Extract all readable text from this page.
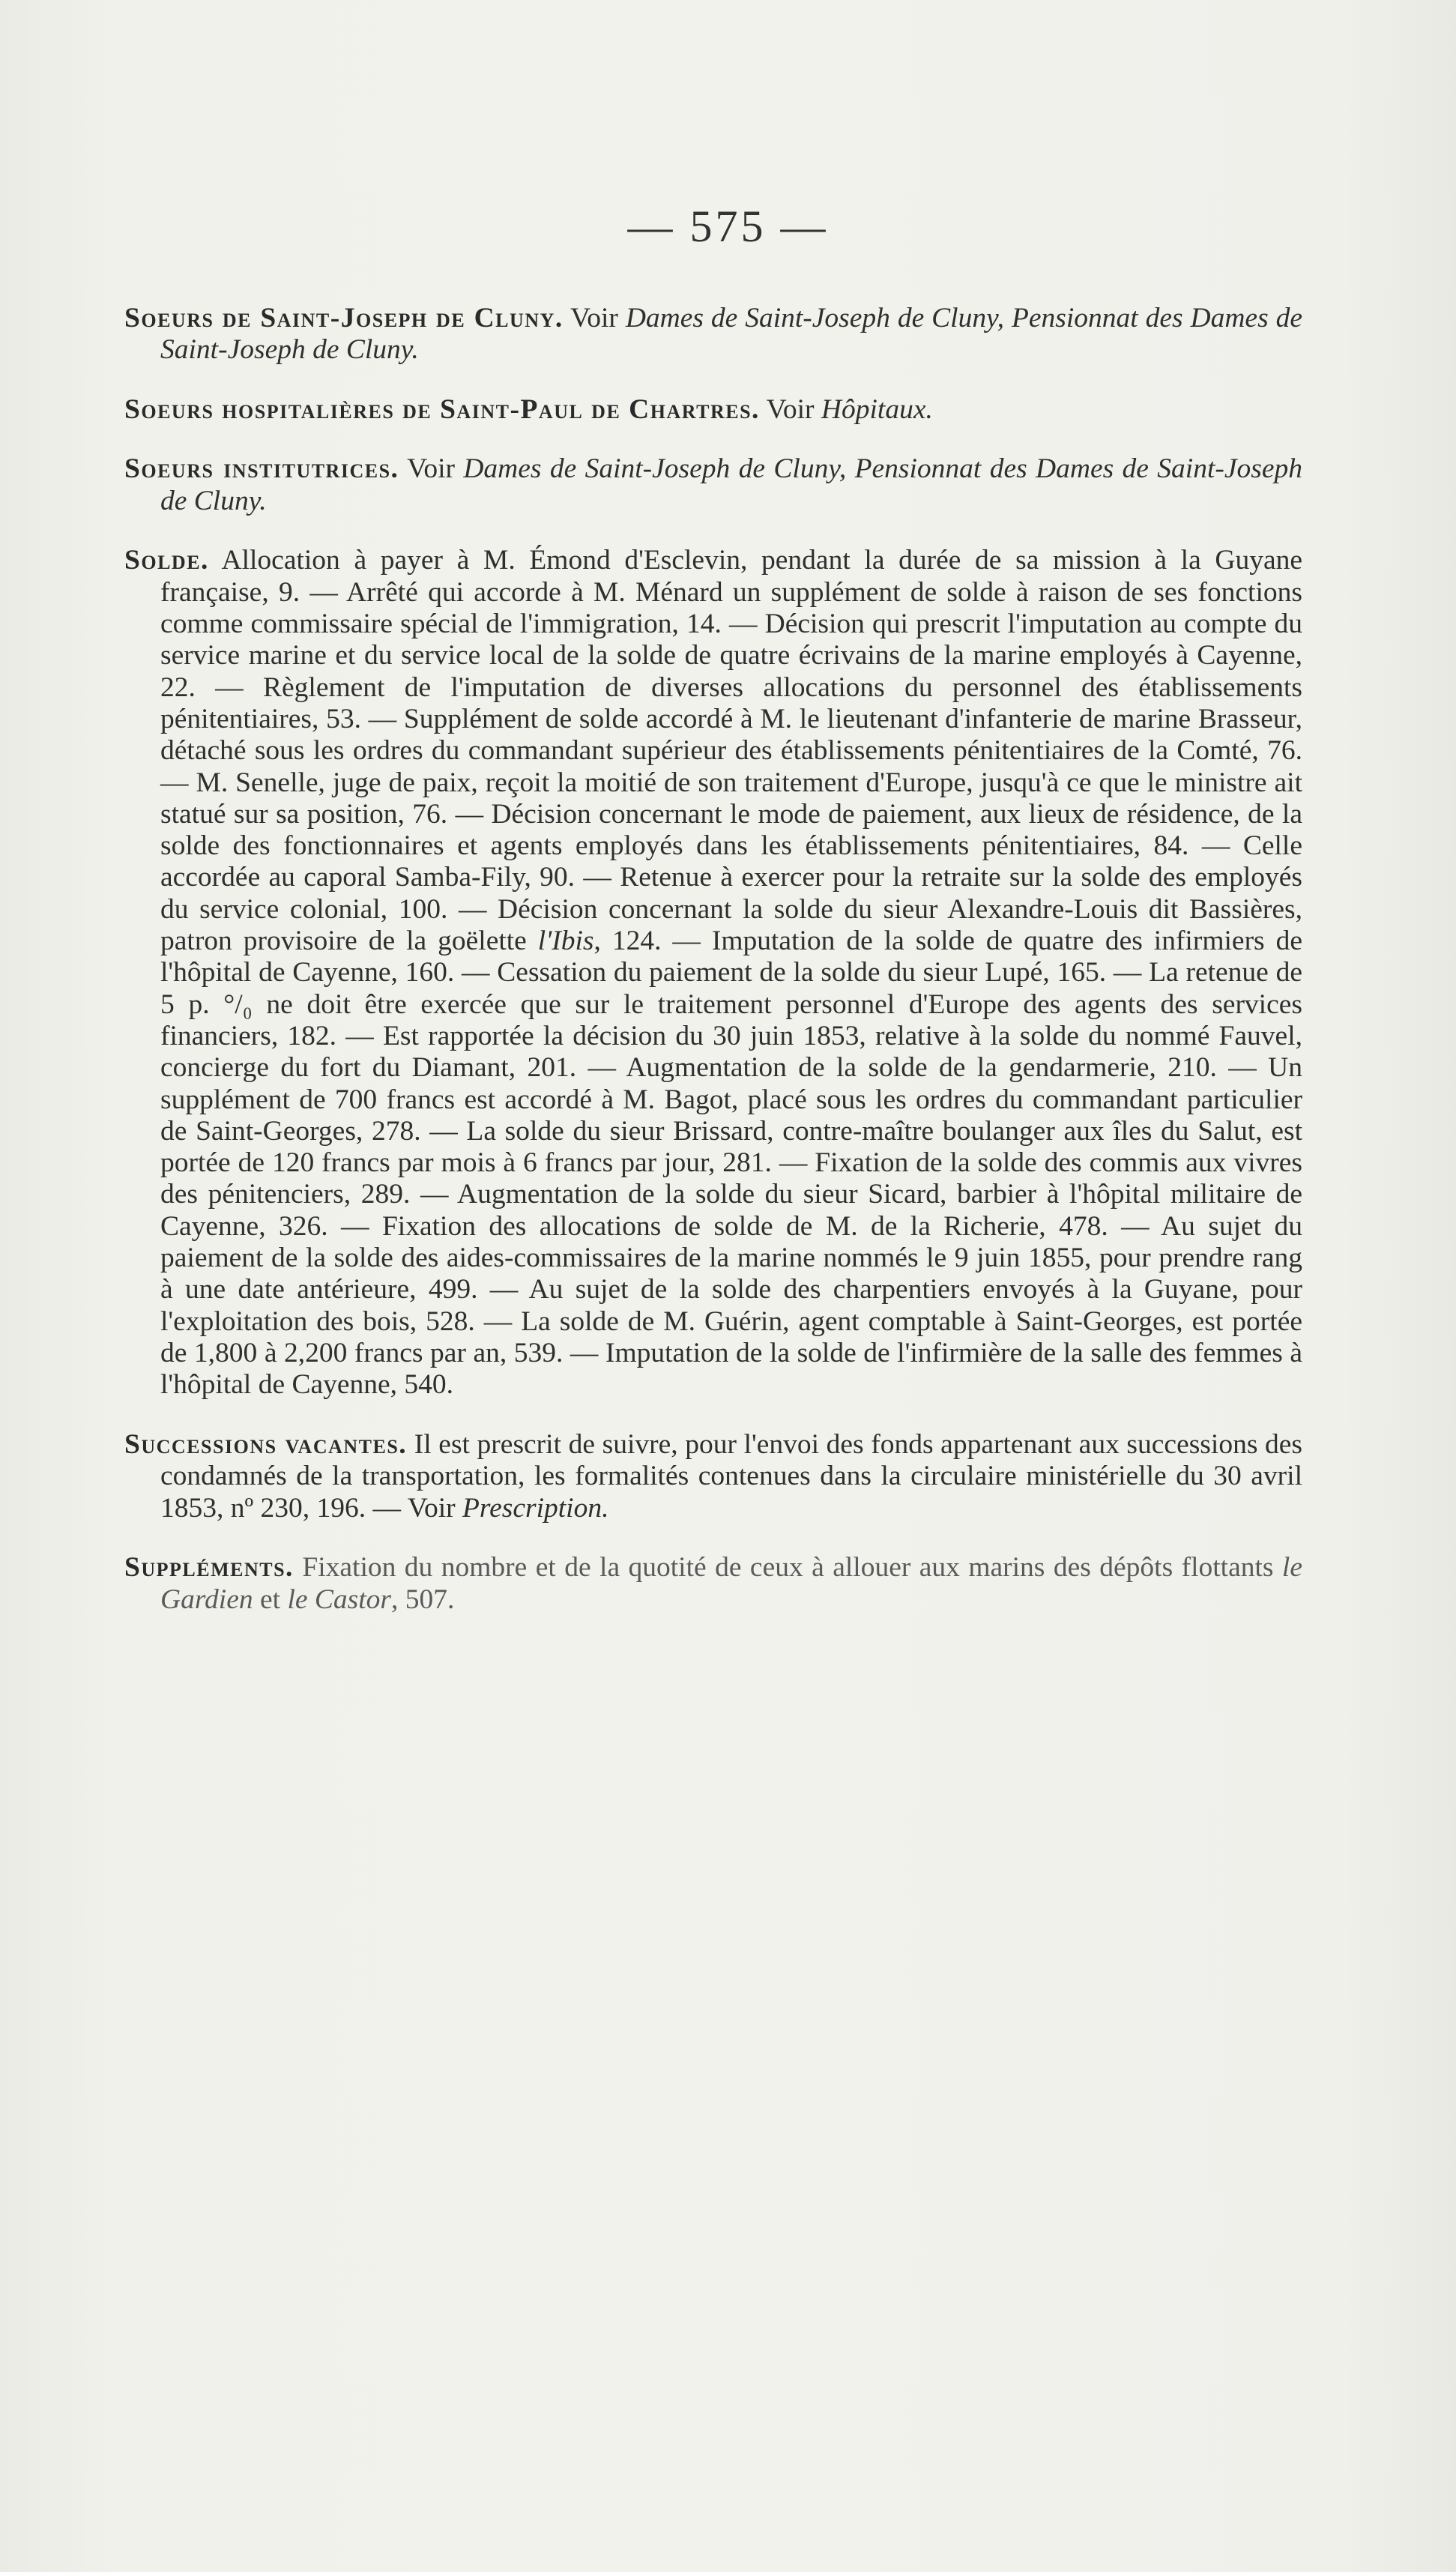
— 575 —

Soeurs de Saint-Joseph de Cluny. Voir Dames de Saint-Joseph de Cluny, Pensionnat des Dames de Saint-Joseph de Cluny.

Soeurs hospitalières de Saint-Paul de Chartres. Voir Hôpitaux.

Soeurs institutrices. Voir Dames de Saint-Joseph de Cluny, Pensionnat des Dames de Saint-Joseph de Cluny.

Solde. Allocation à payer à M. Émond d'Esclevin, pendant la durée de sa mission à la Guyane française, 9. — Arrêté qui accorde à M. Ménard un supplément de solde à raison de ses fonctions comme commissaire spécial de l'immigration, 14. — Décision qui prescrit l'imputation au compte du service marine et du service local de la solde de quatre écrivains de la marine employés à Cayenne, 22. — Règlement de l'imputation de diverses allocations du personnel des établissements pénitentiaires, 53. — Supplément de solde accordé à M. le lieutenant d'infanterie de marine Brasseur, détaché sous les ordres du commandant supérieur des établissements pénitentiaires de la Comté, 76. — M. Senelle, juge de paix, reçoit la moitié de son traitement d'Europe, jusqu'à ce que le ministre ait statué sur sa position, 76. — Décision concernant le mode de paiement, aux lieux de résidence, de la solde des fonctionnaires et agents employés dans les établissements pénitentiaires, 84. — Celle accordée au caporal Samba-Fily, 90. — Retenue à exercer pour la retraite sur la solde des employés du service colonial, 100. — Décision concernant la solde du sieur Alexandre-Louis dit Bassières, patron provisoire de la goëlette l'Ibis, 124. — Imputation de la solde de quatre des infirmiers de l'hôpital de Cayenne, 160. — Cessation du paiement de la solde du sieur Lupé, 165. — La retenue de 5 p. °/₀ ne doit être exercée que sur le traitement personnel d'Europe des agents des services financiers, 182. — Est rapportée la décision du 30 juin 1853, relative à la solde du nommé Fauvel, concierge du fort du Diamant, 201. — Augmentation de la solde de la gendarmerie, 210. — Un supplément de 700 francs est accordé à M. Bagot, placé sous les ordres du commandant particulier de Saint-Georges, 278. — La solde du sieur Brissard, contre-maître boulanger aux îles du Salut, est portée de 120 francs par mois à 6 francs par jour, 281. — Fixation de la solde des commis aux vivres des pénitenciers, 289. — Augmentation de la solde du sieur Sicard, barbier à l'hôpital militaire de Cayenne, 326. — Fixation des allocations de solde de M. de la Richerie, 478. — Au sujet du paiement de la solde des aides-commissaires de la marine nommés le 9 juin 1855, pour prendre rang à une date antérieure, 499. — Au sujet de la solde des charpentiers envoyés à la Guyane, pour l'exploitation des bois, 528. — La solde de M. Guérin, agent comptable à Saint-Georges, est portée de 1,800 à 2,200 francs par an, 539. — Imputation de la solde de l'infirmière de la salle des femmes à l'hôpital de Cayenne, 540.

Successions vacantes. Il est prescrit de suivre, pour l'envoi des fonds appartenant aux successions des condamnés de la transportation, les formalités contenues dans la circulaire ministérielle du 30 avril 1853, nº 230, 196. — Voir Prescription.

Suppléments. Fixation du nombre et de la quotité de ceux à allouer aux marins des dépôts flottants le Gardien et le Castor, 507.
